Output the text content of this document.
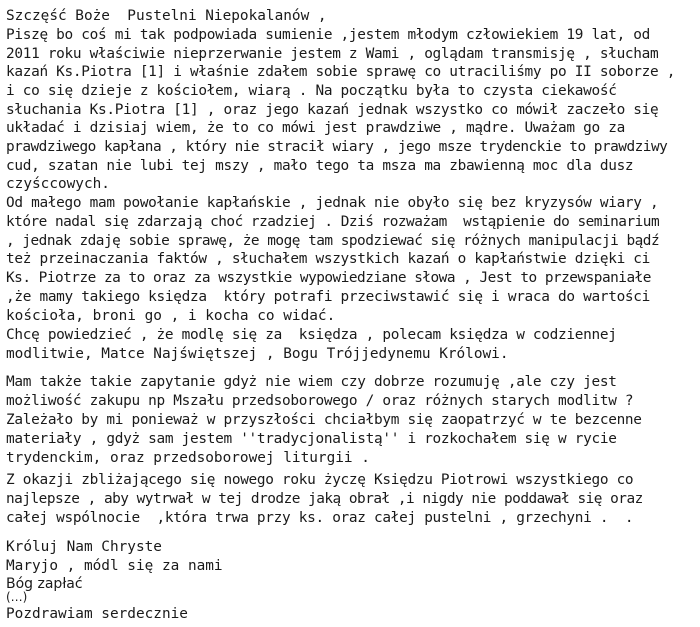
Szczęść Boże  Pustelni Niepokalanów ,
Piszę bo coś mi tak podpowiada sumienie ,jestem młodym człowiekiem 19 lat, od
2011 roku właściwie nieprzerwanie jestem z Wami , oglądam transmisję , słucham
kazań Ks.Piotra [1] i właśnie zdałem sobie sprawę co utraciliśmy po II soborze ,
i co się dzieje z kościołem, wiarą . Na początku była to czysta ciekawość
słuchania Ks.Piotra [1] , oraz jego kazań jednak wszystko co mówił zaczeło się
układać i dzisiaj wiem, że to co mówi jest prawdziwe , mądre. Uważam go za
prawdziwego kapłana , który nie stracił wiary , jego msze trydenckie to prawdziwy
cud, szatan nie lubi tej mszy , mało tego ta msza ma zbawienną moc dla dusz
czyśccowych.
Od małego mam powołanie kapłańskie , jednak nie obyło się bez kryzysów wiary ,
które nadal się zdarzają choć rzadziej . Dziś rozważam  wstąpienie do seminarium
, jednak zdaję sobie sprawę, że mogę tam spodziewać się różnych manipulacji bądź
też przeinaczania faktów , słuchałem wszystkich kazań o kapłaństwie dzięki ci
Ks. Piotrze za to oraz za wszystkie wypowiedziane słowa , Jest to przewspaniałe
,że mamy takiego księdza  który potrafi przeciwstawić się i wraca do wartości
kościoła, broni go , i kocha co widać.
Chcę powiedzieć , że modlę się za  księdza , polecam księdza w codziennej
modlitwie, Matce Najświętszej , Bogu Trójjedynemu Królowi.
Mam także takie zapytanie gdyż nie wiem czy dobrze rozumuję ,ale czy jest
możliwość zakupu np Mszału przedsoborowego / oraz różnych starych modlitw ?
Zależało by mi ponieważ w przyszłości chciałbym się zaopatrzyć w te bezcenne
materiały , gdyż sam jestem ''tradycjonalistą'' i rozkochałem się w rycie
trydenckim, oraz przedsoborowej liturgii .
Z okazji zbliżającego się nowego roku życzę Księdzu Piotrowi wszystkiego co
najlepsze , aby wytrwał w tej drodze jaką obrał ,i nigdy nie poddawał się oraz
całej wspólnocie  ,która trwa przy ks. oraz całej pustelni , grzechyni .  .
Króluj Nam Chryste
Maryjo , módl się za nami
Bóg zapłać
(…)
Pozdrawiam serdecznie
